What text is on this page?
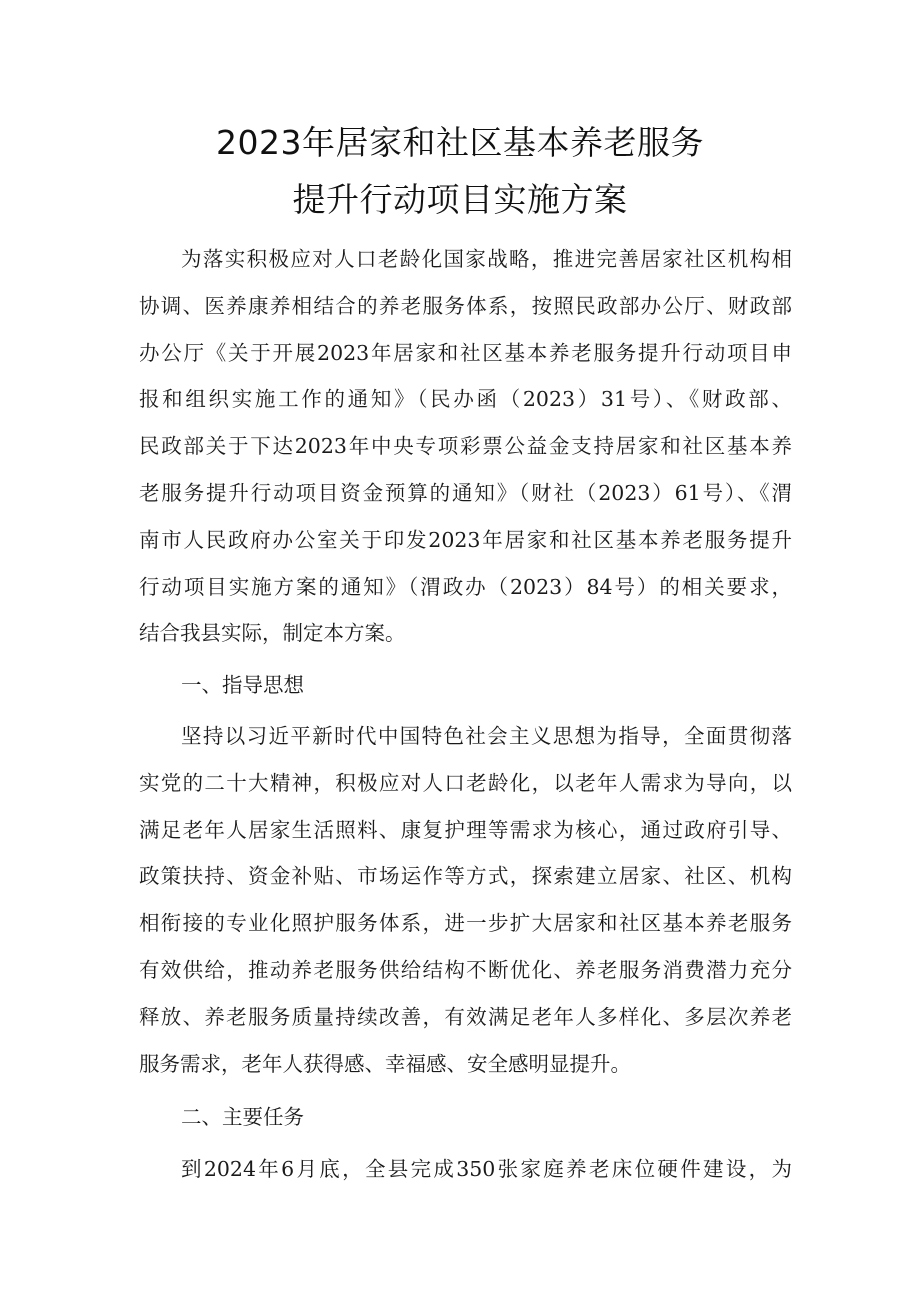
2023年居家和社区基本养老服务
提升行动项目实施方案
为落实积极应对人口老龄化国家战略，推进完善居家社区机构相
协调、医养康养相结合的养老服务体系，按照民政部办公厅、财政部
办公厅《关于开展2023年居家和社区基本养老服务提升行动项目申
报和组织实施工作的通知》（民办函（2023）31号）、《财政部、
民政部关于下达2023年中央专项彩票公益金支持居家和社区基本养
老服务提升行动项目资金预算的通知》（财社（2023）61号）、《渭
南市人民政府办公室关于印发2023年居家和社区基本养老服务提升
行动项目实施方案的通知》（渭政办（2023）84号）的相关要求，
结合我县实际，制定本方案。
一、指导思想
坚持以习近平新时代中国特色社会主义思想为指导，全面贯彻落
实党的二十大精神，积极应对人口老龄化，以老年人需求为导向，以
满足老年人居家生活照料、康复护理等需求为核心，通过政府引导、
政策扶持、资金补贴、市场运作等方式，探索建立居家、社区、机构
相衔接的专业化照护服务体系，进一步扩大居家和社区基本养老服务
有效供给，推动养老服务供给结构不断优化、养老服务消费潜力充分
释放、养老服务质量持续改善，有效满足老年人多样化、多层次养老
服务需求，老年人获得感、幸福感、安全感明显提升。
二、主要任务
到2024年6月底，全县完成350张家庭养老床位硬件建设，为
